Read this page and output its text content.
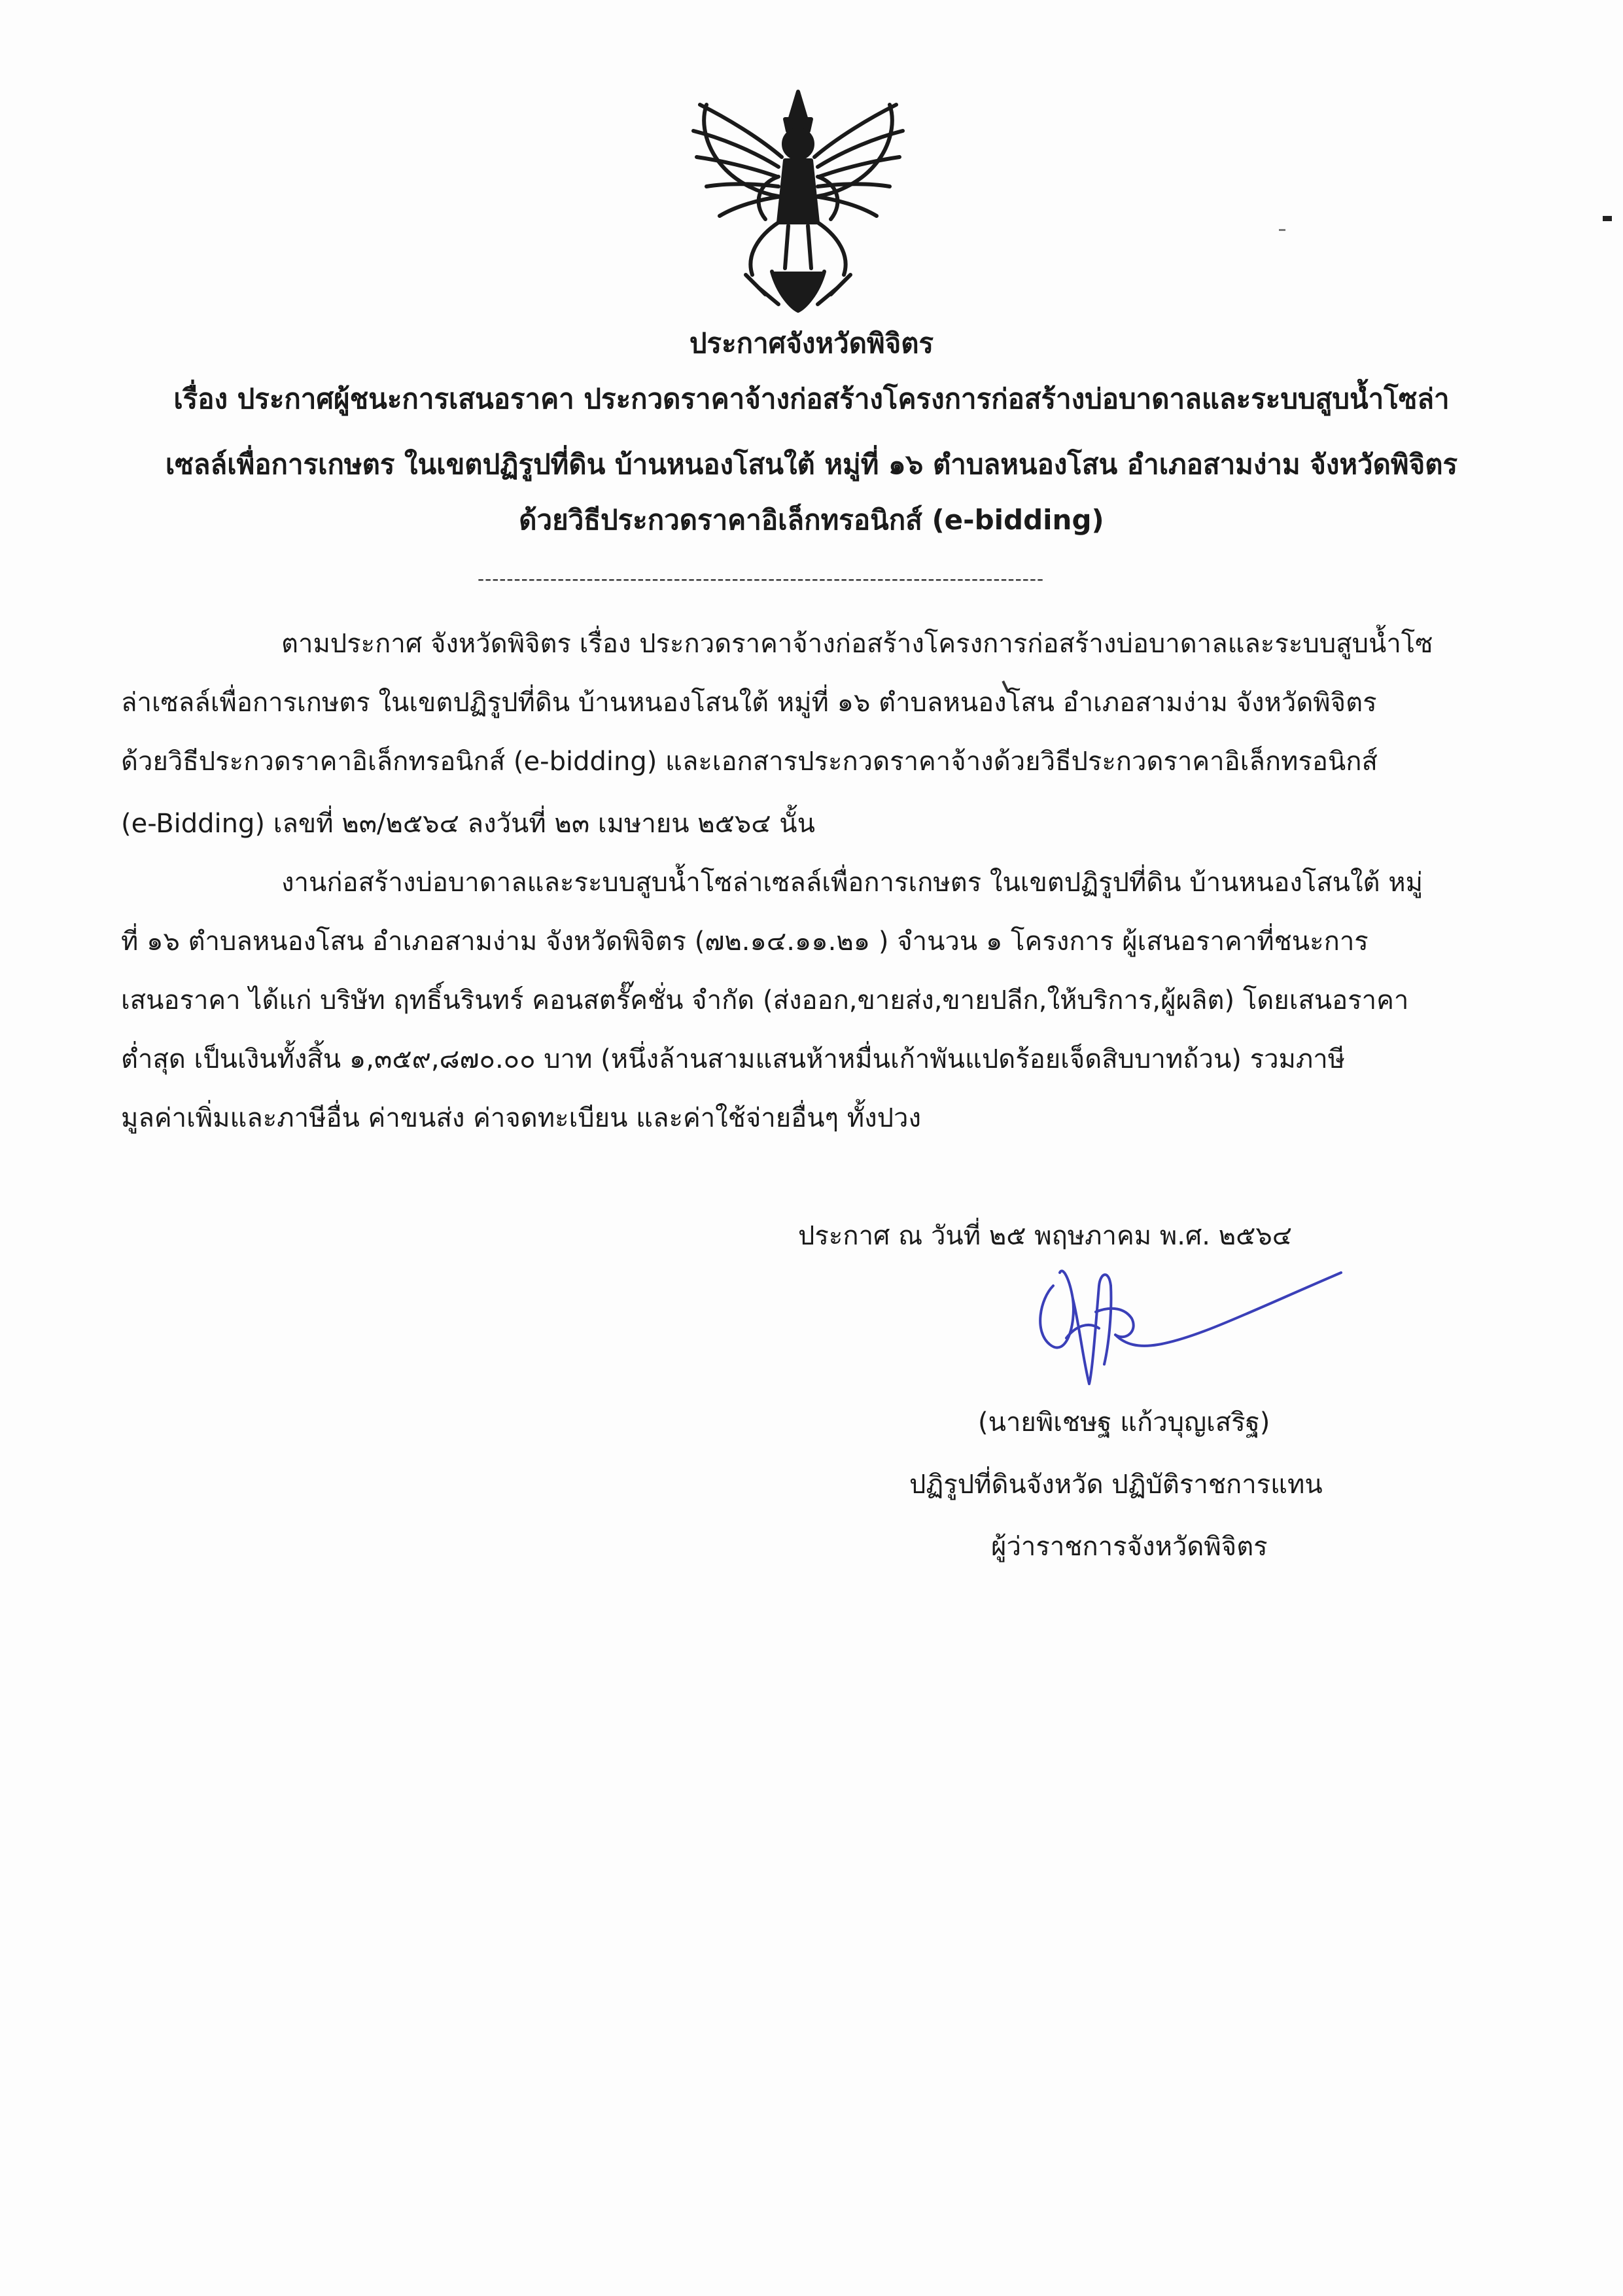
ประกาศจังหวัดพิจิตร
เรื่อง ประกาศผู้ชนะการเสนอราคา ประกวดราคาจ้างก่อสร้างโครงการก่อสร้างบ่อบาดาลและระบบสูบน้ำโซล่า
เซลล์เพื่อการเกษตร ในเขตปฏิรูปที่ดิน บ้านหนองโสนใต้ หมู่ที่ ๑๖ ตำบลหนองโสน อำเภอสามง่าม จังหวัดพิจิตร
ด้วยวิธีประกวดราคาอิเล็กทรอนิกส์ (e-bidding)
------------------------------------------------------------------------------
ตามประกาศ จังหวัดพิจิตร เรื่อง ประกวดราคาจ้างก่อสร้างโครงการก่อสร้างบ่อบาดาลและระบบสูบน้ำโซ
ล่าเซลล์เพื่อการเกษตร ในเขตปฏิรูปที่ดิน บ้านหนองโสนใต้ หมู่ที่ ๑๖ ตำบลหนองโสน อำเภอสามง่าม จังหวัดพิจิตร
ด้วยวิธีประกวดราคาอิเล็กทรอนิกส์ (e-bidding) และเอกสารประกวดราคาจ้างด้วยวิธีประกวดราคาอิเล็กทรอนิกส์
(e-Bidding) เลขที่ ๒๓/๒๕๖๔ ลงวันที่ ๒๓ เมษายน ๒๕๖๔ นั้น
งานก่อสร้างบ่อบาดาลและระบบสูบน้ำโซล่าเซลล์เพื่อการเกษตร ในเขตปฏิรูปที่ดิน บ้านหนองโสนใต้ หมู่
ที่ ๑๖ ตำบลหนองโสน อำเภอสามง่าม จังหวัดพิจิตร (๗๒.๑๔.๑๑.๒๑ ) จำนวน ๑ โครงการ ผู้เสนอราคาที่ชนะการ
เสนอราคา ได้แก่ บริษัท ฤทธิ์นรินทร์ คอนสตรั๊คชั่น จำกัด (ส่งออก,ขายส่ง,ขายปลีก,ให้บริการ,ผู้ผลิต) โดยเสนอราคา
ต่ำสุด เป็นเงินทั้งสิ้น ๑,๓๕๙,๘๗๐.๐๐ บาท (หนึ่งล้านสามแสนห้าหมื่นเก้าพันแปดร้อยเจ็ดสิบบาทถ้วน) รวมภาษี
มูลค่าเพิ่มและภาษีอื่น ค่าขนส่ง ค่าจดทะเบียน และค่าใช้จ่ายอื่นๆ ทั้งปวง
ประกาศ ณ วันที่ ๒๕ พฤษภาคม พ.ศ. ๒๕๖๔
(นายพิเชษฐ แก้วบุญเสริฐ)
ปฏิรูปที่ดินจังหวัด ปฏิบัติราชการแทน
ผู้ว่าราชการจังหวัดพิจิตร
